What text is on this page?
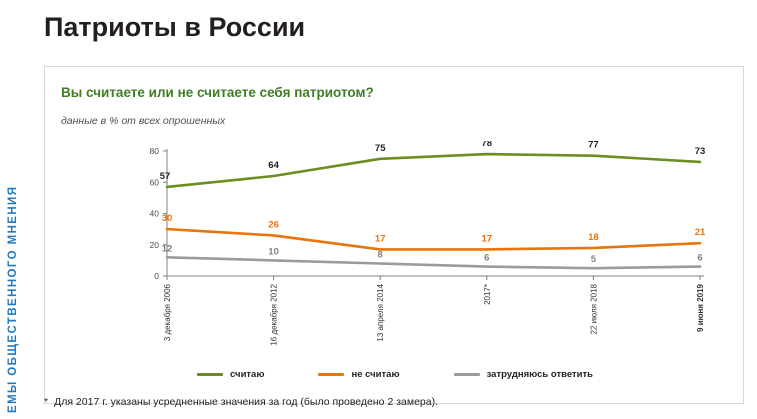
ЕМЫ ОБЩЕСТВЕННОГО МНЕНИЯ
Патриоты в России
Вы считаете или не считаете себя патриотом?
данные в % от всех опрошенных
0
20
40
60
80
3 декабря 2006	16 декабря 2012	13 апреля 2014	2017*	22 июля 2018	9 июня 2019
57
64
75	78	77
73
30
26
17	17	18	21
12	10	8	6	5	6
считаю	не считаю	затрудняюсь ответить
* Для 2017 г. указаны усредненные значения за год (было проведено 2 замера).
